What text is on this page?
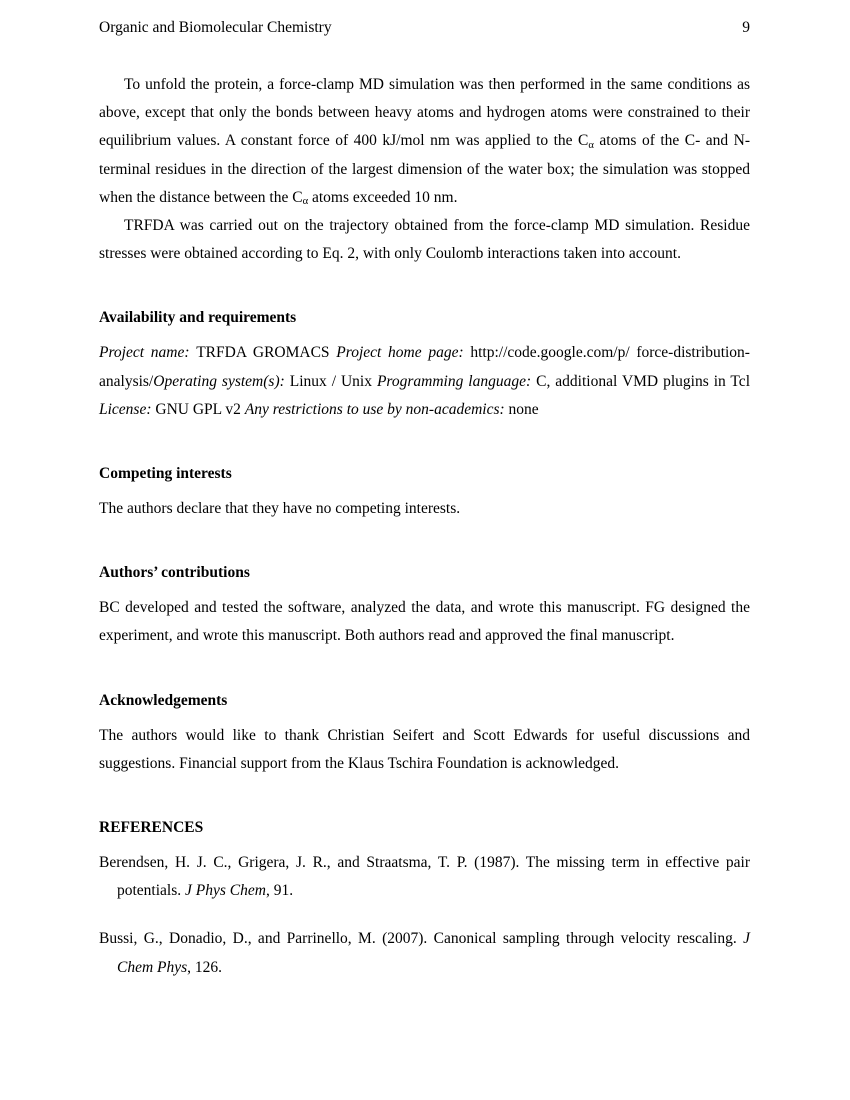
Organic and Biomolecular Chemistry	9

To unfold the protein, a force-clamp MD simulation was then performed in the same conditions as above, except that only the bonds between heavy atoms and hydrogen atoms were constrained to their equilibrium values. A constant force of 400 kJ/mol nm was applied to the $C_\alpha$ atoms of the C- and N-terminal residues in the direction of the largest dimension of the water box; the simulation was stopped when the distance between the $C_\alpha$ atoms exceeded 10 nm.

TRFDA was carried out on the trajectory obtained from the force-clamp MD simulation. Residue stresses were obtained according to Eq. 2, with only Coulomb interactions taken into account.

Availability and requirements

Project name: TRFDA GROMACS Project home page: http://code.google.com/p/ force-distribution-analysis/Operating system(s): Linux / Unix Programming language: C, additional VMD plugins in Tcl License: GNU GPL v2 Any restrictions to use by non-academics: none

Competing interests

The authors declare that they have no competing interests.

Authors’ contributions

BC developed and tested the software, analyzed the data, and wrote this manuscript. FG designed the experiment, and wrote this manuscript. Both authors read and approved the final manuscript.

Acknowledgements

The authors would like to thank Christian Seifert and Scott Edwards for useful discussions and suggestions. Financial support from the Klaus Tschira Foundation is acknowledged.

REFERENCES

Berendsen, H. J. C., Grigera, J. R., and Straatsma, T. P. (1987). The missing term in effective pair potentials. J Phys Chem, 91.

Bussi, G., Donadio, D., and Parrinello, M. (2007). Canonical sampling through velocity rescaling. J Chem Phys, 126.
